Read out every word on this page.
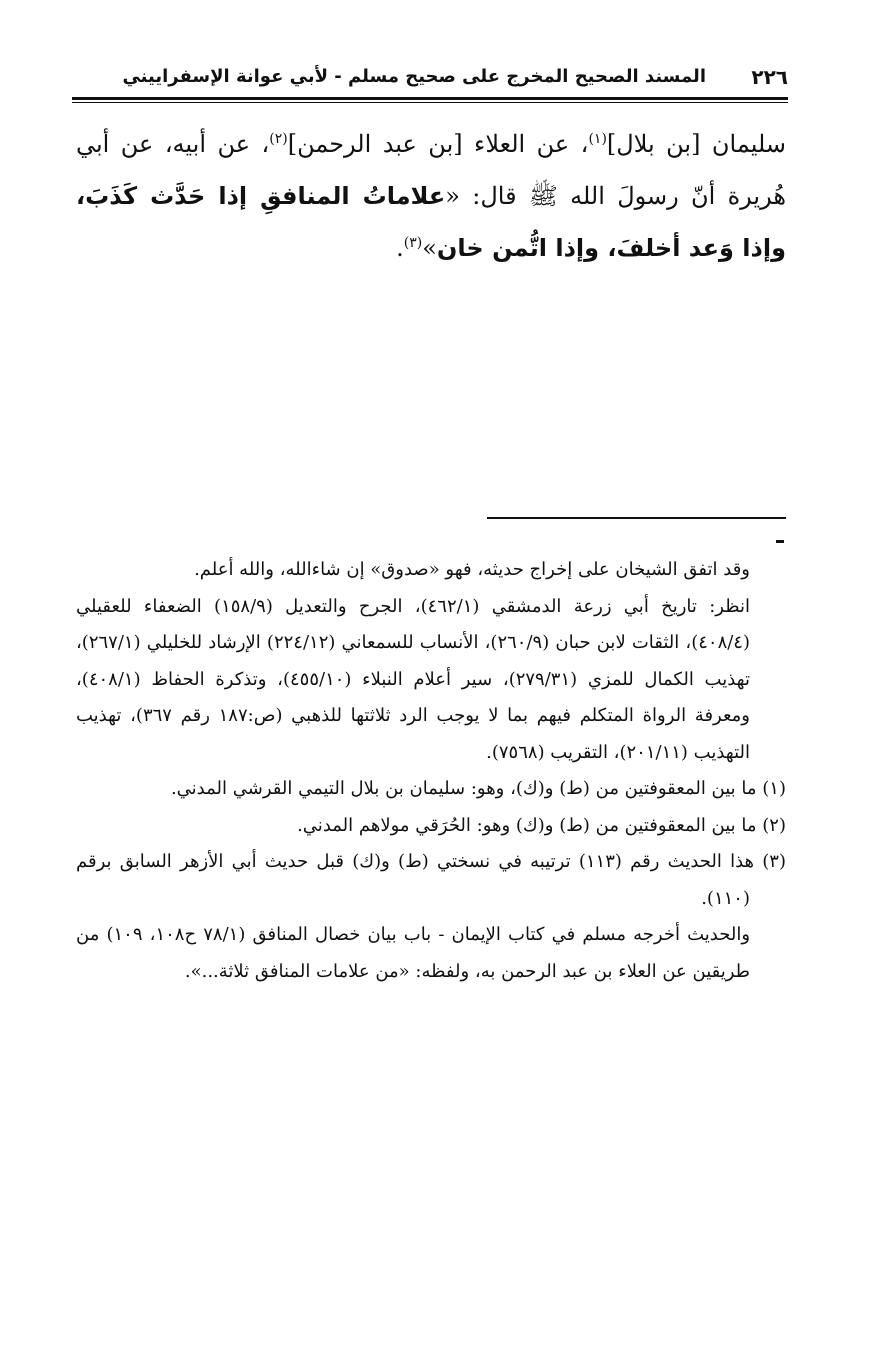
٢٢٦
المسند الصحيح المخرج على صحيح مسلم - لأبي عوانة الإسفراييني
سليمان [بن بلال]$^{(١)}$، عن العلاء [بن عبد الرحمن]$^{(٢)}$، عن أبيه، عن أبي هُريرة أنّ رسولَ الله ﷺ قال: «علاماتُ المنافقِ إذا حَدَّث كَذَبَ، وإذا وَعد أخلفَ، وإذا اتُّمن خان»$^{(٣)}$.

وقد اتفق الشيخان على إخراج حديثه، فهو «صدوق» إن شاءالله، والله أعلم.

انظر: تاريخ أبي زرعة الدمشقي (٤٦٢/١)، الجرح والتعديل (١٥٨/٩) الضعفاء للعقيلي (٤٠٨/٤)، الثقات لابن حبان (٢٦٠/٩)، الأنساب للسمعاني (٢٢٤/١٢) الإرشاد للخليلي (٢٦٧/١)، تهذيب الكمال للمزي (٢٧٩/٣١)، سير أعلام النبلاء (٤٥٥/١٠)، وتذكرة الحفاظ (٤٠٨/١)، ومعرفة الرواة المتكلم فيهم بما لا يوجب الرد ثلاثتها للذهبي (ص:١٨٧ رقم ٣٦٧)، تهذيب التهذيب (٢٠١/١١)، التقريب (٧٥٦٨).

(١) ما بين المعقوفتين من (ط) و(ك)، وهو: سليمان بن بلال التيمي القرشي المدني.

(٢) ما بين المعقوفتين من (ط) و(ك) وهو: الحُرَقي مولاهم المدني.

(٣) هذا الحديث رقم (١١٣) ترتيبه في نسختي (ط) و(ك) قبل حديث أبي الأزهر السابق برقم (١١٠).

والحديث أخرجه مسلم في كتاب الإيمان - باب بيان خصال المنافق (٧٨/١ ح١٠٨، ١٠٩) من طريقين عن العلاء بن عبد الرحمن به، ولفظه: «من علامات المنافق ثلاثة...».
